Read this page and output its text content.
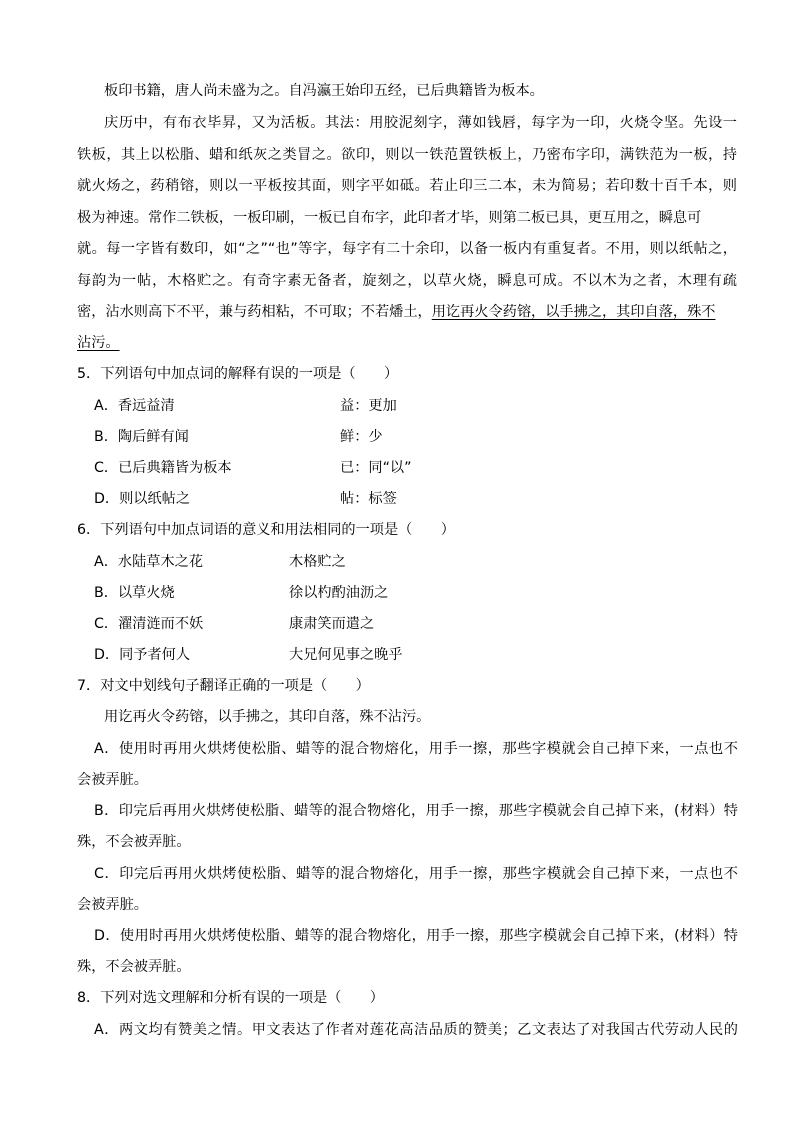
板印书籍，唐人尚未盛为之。自冯瀛王始印五经，已后典籍皆为板本。
庆历中，有布衣毕昇，又为活板。其法：用胶泥刻字，薄如钱唇，每字为一印，火烧令坚。先设一
铁板，其上以松脂、蜡和纸灰之类冒之。欲印，则以一铁范置铁板上，乃密布字印，满铁范为一板，持
就火炀之，药稍镕，则以一平板按其面，则字平如砥。若止印三二本，未为简易；若印数十百千本，则
极为神速。常作二铁板，一板印刷，一板已自布字，此印者才毕，则第二板已具，更互用之，瞬息可
就。每一字皆有数印，如“之”“也”等字，每字有二十余印，以备一板内有重复者。不用，则以纸帖之，
每韵为一帖，木格贮之。有奇字素无备者，旋刻之，以草火烧，瞬息可成。不以木为之者，木理有疏
密，沾水则高下不平，兼与药相粘，不可取；不若燔土，用讫再火令药镕，以手拂之，其印自落，殊不
沾污。
5．下列语句中加点词的解释有误的一项是（　　）
A．香远益清	益：更加
B．陶后鲜有闻	鲜：少
C．已后典籍皆为板本	已：同“以”
D．则以纸帖之	帖：标签
6．下列语句中加点词语的意义和用法相同的一项是（　　）
A．水陆草木之花	木格贮之
B．以草火烧	徐以杓酌油沥之
C．濯清涟而不妖	康肃笑而遣之
D．同予者何人	大兄何见事之晚乎
7．对文中划线句子翻译正确的一项是（　　）
用讫再火令药镕，以手拂之，其印自落，殊不沾污。
A．使用时再用火烘烤使松脂、蜡等的混合物熔化，用手一擦，那些字模就会自己掉下来，一点也不
会被弄脏。
B．印完后再用火烘烤使松脂、蜡等的混合物熔化，用手一擦，那些字模就会自己掉下来，(材料）特
殊，不会被弄脏。
C．印完后再用火烘烤使松脂、蜡等的混合物熔化，用手一擦，那些字模就会自己掉下来，一点也不
会被弄脏。
D．使用时再用火烘烤使松脂、蜡等的混合物熔化，用手一擦，那些字模就会自己掉下来，(材料）特
殊，不会被弄脏。
8．下列对选文理解和分析有误的一项是（　　）
A．两文均有赞美之情。甲文表达了作者对莲花高洁品质的赞美；乙文表达了对我国古代劳动人民的
